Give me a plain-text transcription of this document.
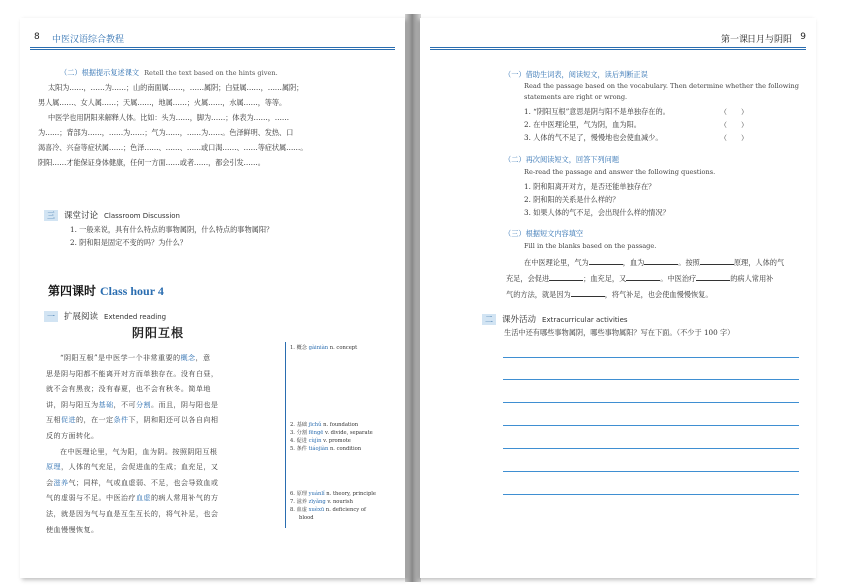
8 中医汉语综合教程
（二）根据提示复述课文 Retell the text based on the hints given.
太阳为……，……为……；山的南面属……，……属阴；白昼属……，……属阴；
男人属……、女人属……；天属……，地属……；火属……，水属……，等等。
中医学也用阴阳来解释人体。比如：头为……，脚为……；体表为……，……
为……；背部为……，……为……；气为……，……为……。色泽鲜明、发热、口
渴喜冷、兴奋等症状属……；色泽……、……、……或口渴……、……等症状属……。
阴阳……才能保证身体健康，任何一方面……或者……，都会引发……。
三 课堂讨论 Classroom Discussion
1. 一般来说，具有什么特点的事物属阴，什么特点的事物属阳？
2. 阴和阳是固定不变的吗？为什么？
第四课时 Class hour 4
一 扩展阅读 Extended reading
阴阳互根

“阴阳互根”是中医学一个非常重要的概念，意

思是阴与阳都不能离开对方而单独存在。没有白昼，

就不会有黑夜；没有春夏，也不会有秋冬。简单地

讲，阴与阳互为基础，不可分割。而且，阴与阳也是

互相促进的，在一定条件下，阴和阳还可以各自向相

反的方面转化。

在中医理论里，气为阳，血为阴。按照阴阳互根

原理，人体的气充足，会促进血的生成；血充足，又

会滋养气；同样，气或血虚弱、不足，也会导致血或

气的虚弱与不足。中医治疗血虚的病人常用补气的方

法，就是因为气与血是互生互长的，将气补足，也会

使血慢慢恢复。

1. 概念 gàiniàn n. concept
2. 基础 jīchǔ n. foundation
3. 分割 fēngē v. divide, separate
4. 促进 cùjìn v. promote
5. 条件 tiáojiàn n. condition
6. 原理 yuánlǐ n. theory, principle
7. 滋养 zīyǎng v. nourish
8. 血虚 xuèxū n. deficiency of
blood
第一课
日月与阴阳 9
（一）借助生词表，阅读短文，读后判断正误
Read the passage based on the vocabulary. Then determine whether the following
statements are right or wrong.
1. “阴阳互根”意思是阴与阳不是单独存在的。	（　　）
2. 在中医理论里，气为阴，血为阳。	（　　）
3. 人体的气不足了，慢慢地也会使血减少。	（　　）
（二）再次阅读短文，回答下列问题
Re-read the passage and answer the following questions.
1. 阴和阳离开对方，是否还能单独存在？
2. 阴和阳的关系是什么样的？
3. 如果人体的气不足，会出现什么样的情况？
（三）根据短文内容填空
Fill in the blanks based on the passage.
在中医理论里，气为	，血为	。按照	原理，人体的气
充足，会促进	；血充足，又	。中医治疗	的病人常用补
气的方法，就是因为	，将气补足，也会使血慢慢恢复。
二 课外活动 Extracurricular activities
生活中还有哪些事物属阴，哪些事物属阳？写在下面。（不少于 100 字）
